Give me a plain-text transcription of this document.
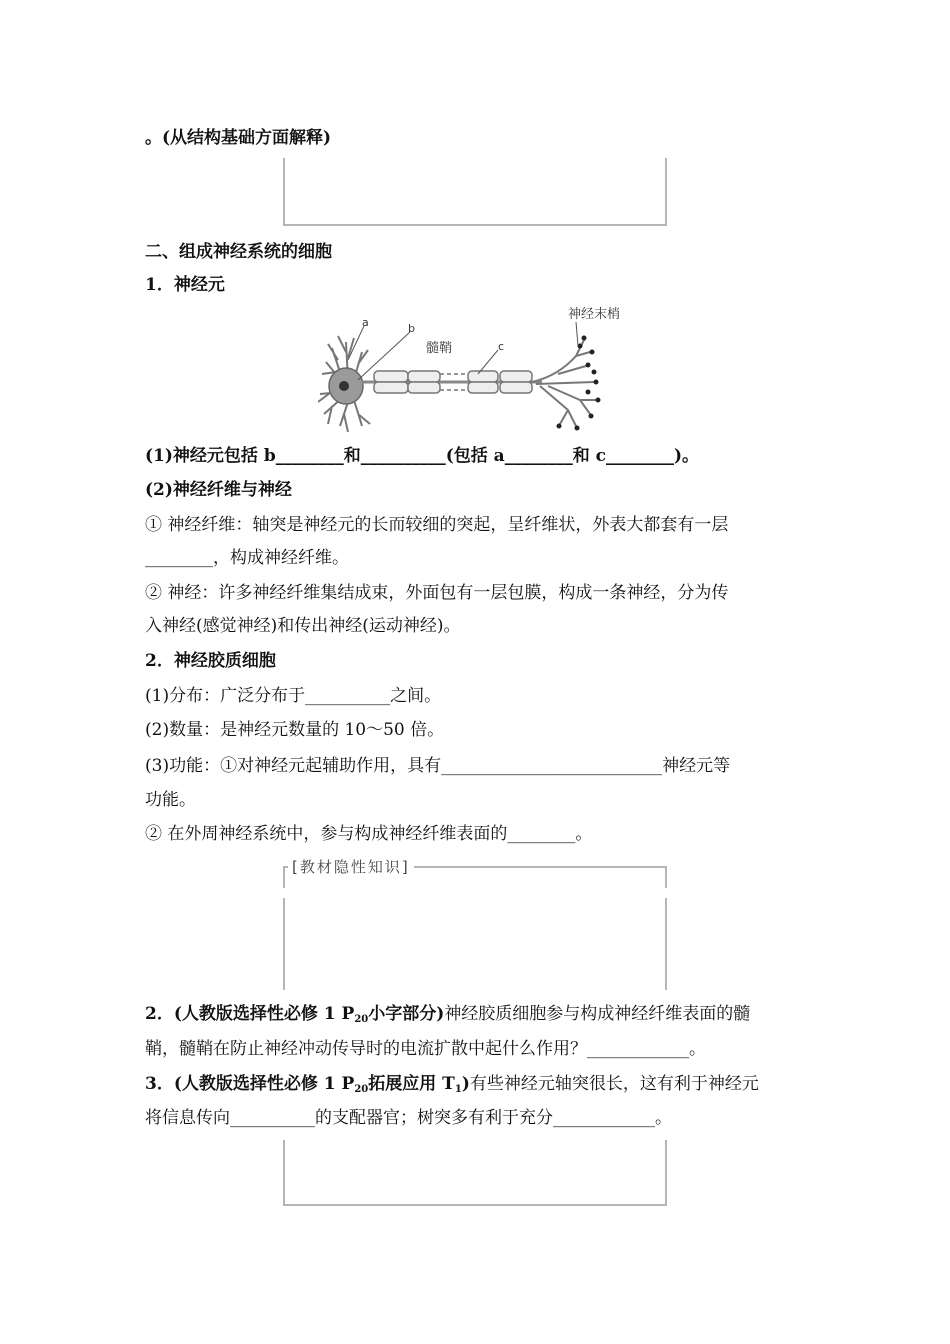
。(从结构基础方面解释)
二、组成神经系统的细胞
1．神经元
a	b
髓鞘	c
神经末梢
(1)神经元包括 b________和__________(包括 a________和 c________)。
(2)神经纤维与神经
① 神经纤维：轴突是神经元的长而较细的突起，呈纤维状，外表大都套有一层
________，构成神经纤维。
② 神经：许多神经纤维集结成束，外面包有一层包膜，构成一条神经，分为传
入神经(感觉神经)和传出神经(运动神经)。
2．神经胶质细胞
(1)分布：广泛分布于__________之间。
(2)数量：是神经元数量的 10～50 倍。
(3)功能：①对神经元起辅助作用，具有__________________________神经元等
功能。
② 在外周神经系统中，参与构成神经纤维表面的________。
[教材隐性知识]
2．(人教版选择性必修 1 $P_{20}$小字部分)神经胶质细胞参与构成神经纤维表面的髓
鞘，髓鞘在防止神经冲动传导时的电流扩散中起什么作用？____________。
3．(人教版选择性必修 1 $P_{20}$拓展应用 $T_1$)有些神经元轴突很长，这有利于神经元
将信息传向__________的支配器官；树突多有利于充分____________。
